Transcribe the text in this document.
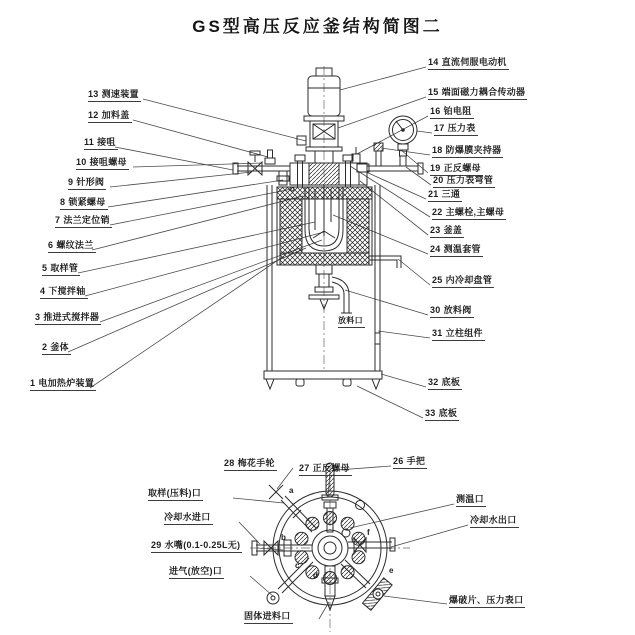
GS型高压反应釜结构简图二
a
b
c
d
e
f
13 测速装置
12 加料盖
11 接咀
10 接咀螺母
9 针形阀
8 锁紧螺母
7 法兰定位销
6 螺纹法兰
5 取样管
4 下搅拌轴
3 推进式搅拌器
2 釜体
1 电加热炉装置
14 直流伺服电动机
15 端面磁力耦合传动器
16 铂电阻
17 压力表
18 防爆膜夹持器
19 正反螺母
20 压力表弯管
21 三通
22 主螺栓,主螺母
23 釜盖
24 测温套管
25 内冷却盘管
30 放料阀
31 立柱组件
32 底板
33 底板
放料口
28 梅花手轮	27 正反螺母
26 手把
取样(压料)口
冷却水进口
29 水嘴(0.1-0.25L无)
进气(放空)口
固体进料口
测温口
冷却水出口
爆破片、压力表口
